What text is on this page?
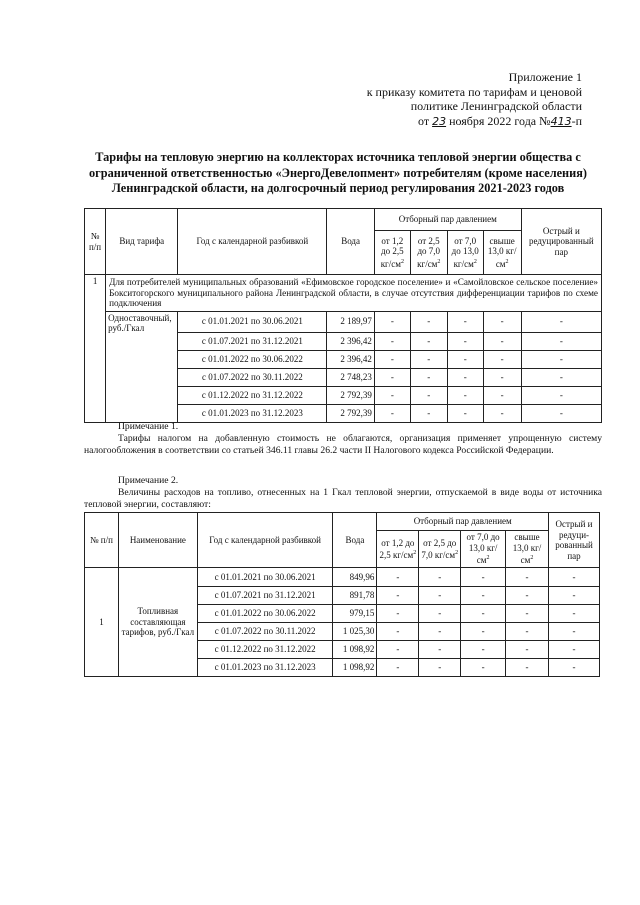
Приложение 1
к приказу комитета по тарифам и ценовой
политике Ленинградской области
от 23 ноября 2022 года №413-п
Тарифы на тепловую энергию на коллекторах источника тепловой энергии общества с ограниченной ответственностью «ЭнергоДевелопмент» потребителям (кроме населения) Ленинградской области, на долгосрочный период регулирования 2021-2023 годов
№ п/п	Вид тарифа	Год с календарной разбивкой	Вода	Отборный пар давлением				Острый и редуцированный пар
				от 1,2 до 2,5 $кг/см^2$	от 2,5 до 7,0 $кг/см^2$	от 7,0 до 13,0 $кг/см^2$	свыше 13,0 $кг/см^2$
1	Для потребителей муниципальных образований «Ефимовское городское поселение» и «Самойловское сельское поселение» Бокситогорского муниципального района Ленинградской области, в случае отсутствия дифференциации тарифов по схеме подключения							
	Одноставочный, руб./Гкал	с 01.01.2021 по 30.06.2021	2 189,97	-	-	-	-	-
		с 01.07.2021 по 31.12.2021	2 396,42	-	-	-	-	-
		с 01.01.2022 по 30.06.2022	2 396,42	-	-	-	-	-
		с 01.07.2022 по 30.11.2022	2 748,23	-	-	-	-	-
		с 01.12.2022 по 31.12.2022	2 792,39	-	-	-	-	-
		с 01.01.2023 по 31.12.2023	2 792,39	-	-	-	-	-
Примечание 1.
Тарифы налогом на добавленную стоимость не облагаются, организация применяет упрощенную систему налогообложения в соответствии со статьей 346.11 главы 26.2 части II Налогового кодекса Российской Федерации.
Примечание 2.
Величины расходов на топливо, отнесенных на 1 Гкал тепловой энергии, отпускаемой в виде воды от источника тепловой энергии, составляют:
№ п/п	Наименование	Год с календарной разбивкой	Вода	Отборный пар давлением				Острый и редуци-рованный пар
				от 1,2 до 2,5 $кг/см^2$	от 2,5 до 7,0 $кг/см^2$	от 7,0 до 13,0 $кг/см^2$	свыше 13,0 $кг/см^2$
1	Топливная составляющая тарифов, руб./Гкал	с 01.01.2021 по 30.06.2021	849,96	-	-	-	-	-
		с 01.07.2021 по 31.12.2021	891,78	-	-	-	-	-
		с 01.01.2022 по 30.06.2022	979,15	-	-	-	-	-
		с 01.07.2022 по 30.11.2022	1 025,30	-	-	-	-	-
		с 01.12.2022 по 31.12.2022	1 098,92	-	-	-	-	-
		с 01.01.2023 по 31.12.2023	1 098,92	-	-	-	-	-
